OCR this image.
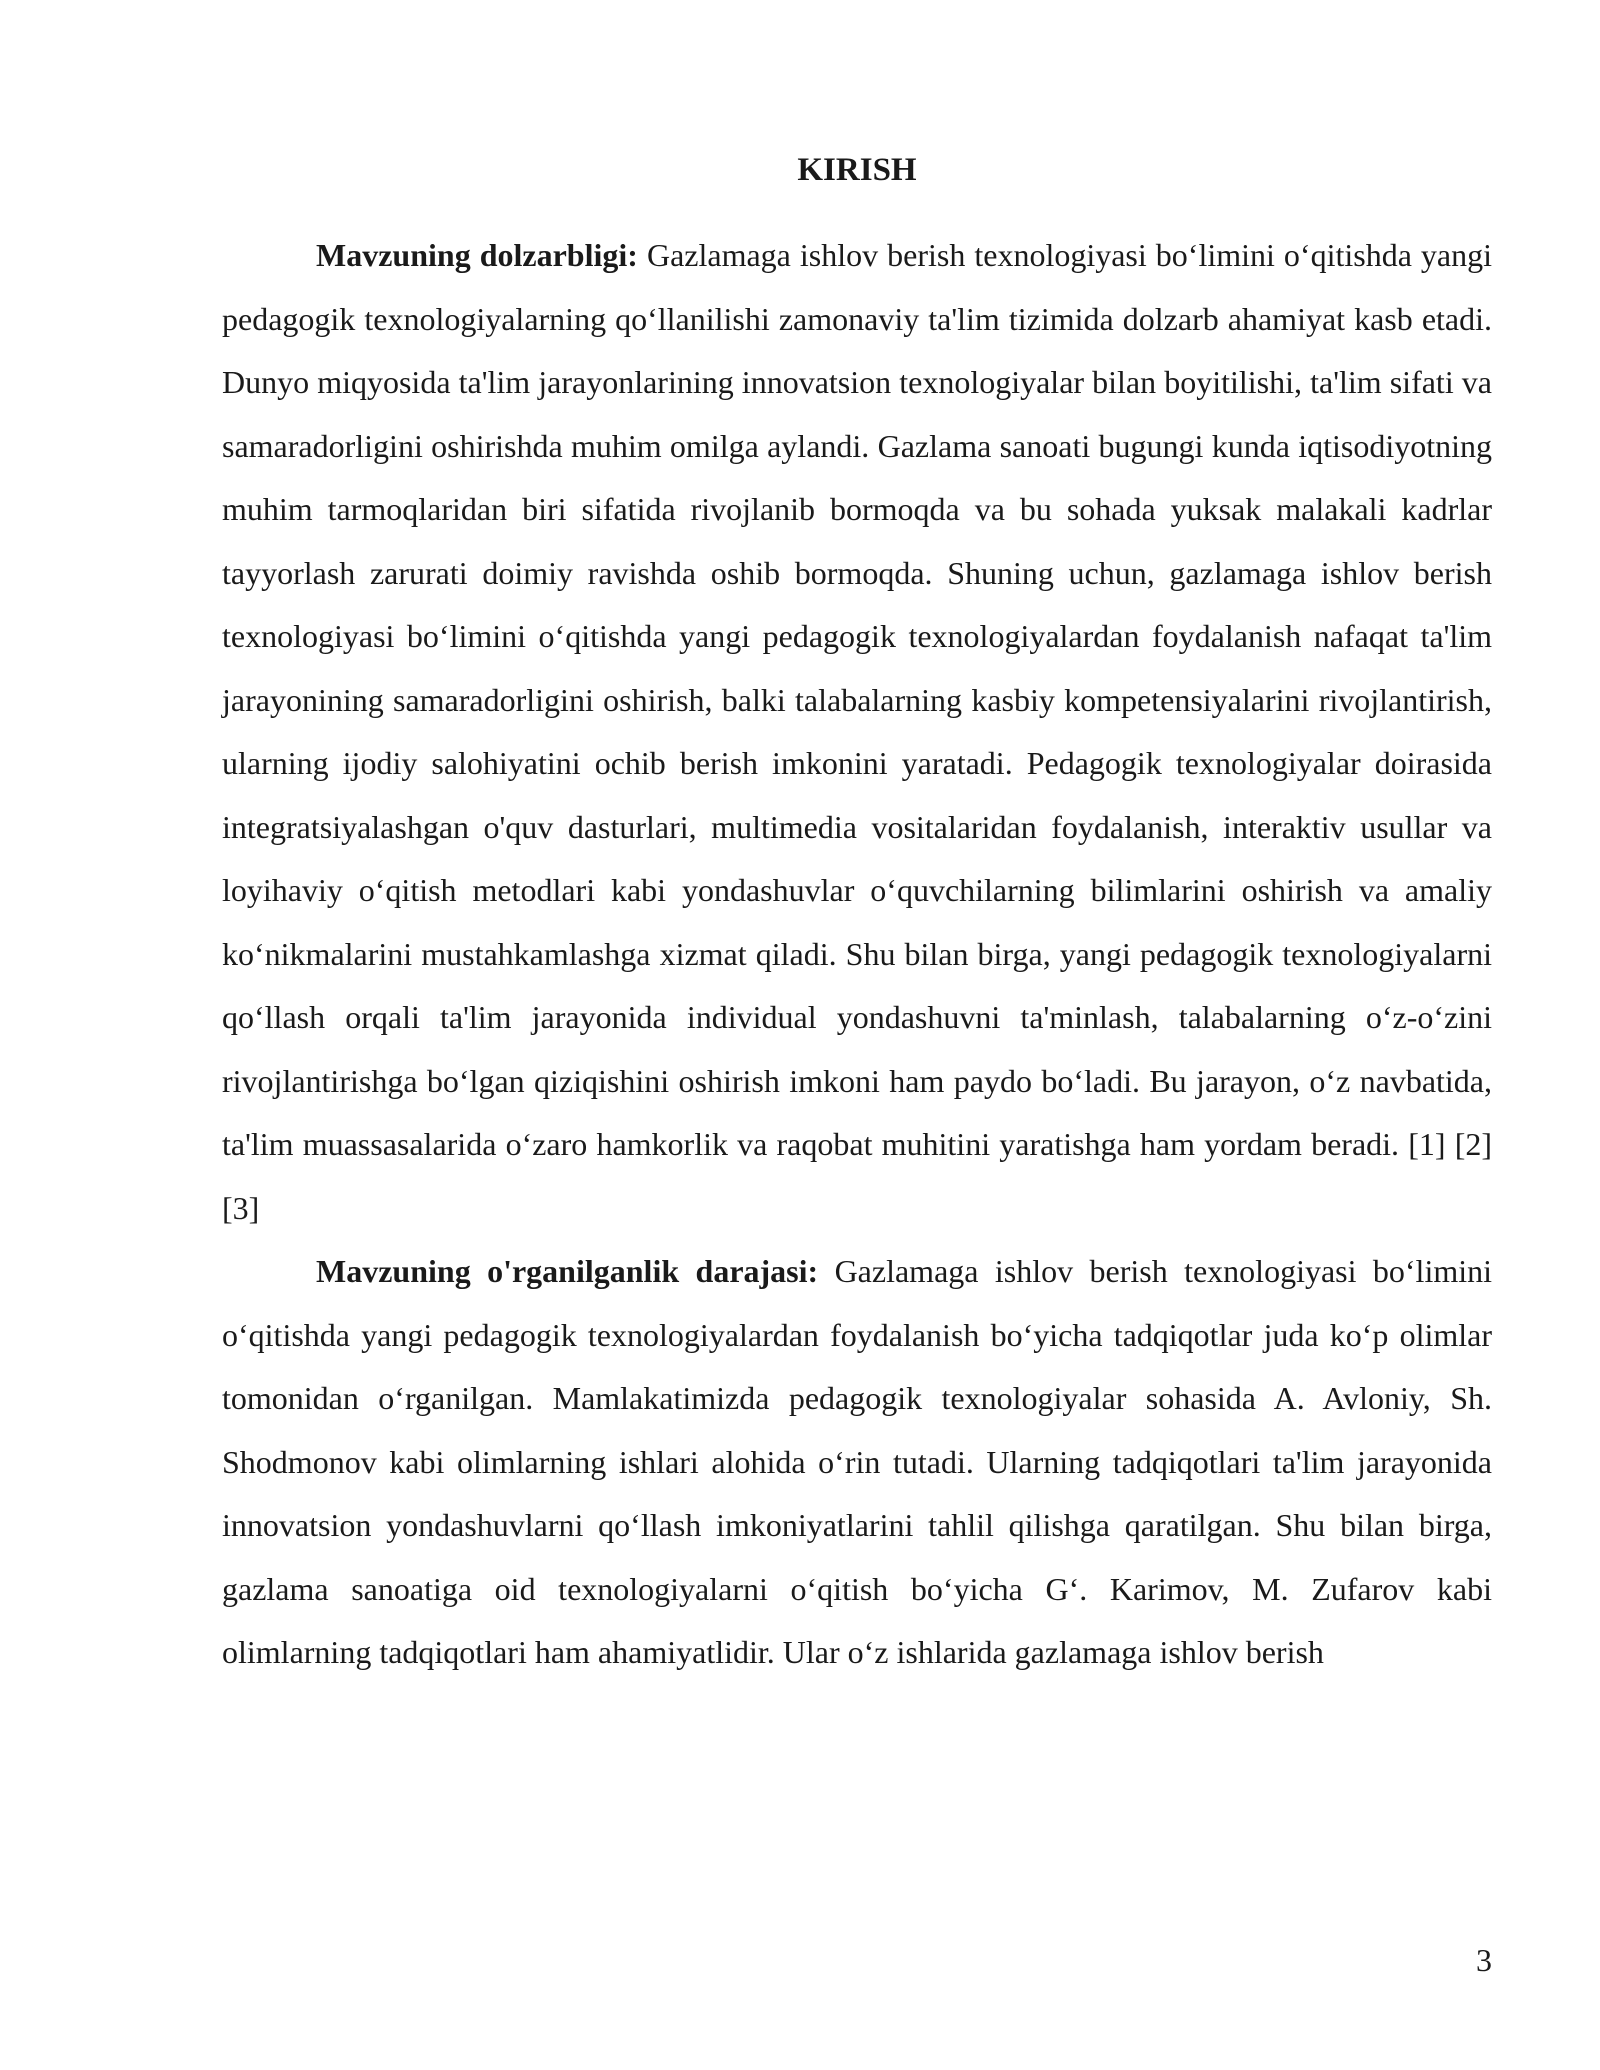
KIRISH

Mavzuning dolzarbligi: Gazlamaga ishlov berish texnologiyasi bo‘limini o‘qitishda yangi pedagogik texnologiyalarning qo‘llanilishi zamonaviy ta'lim tizimida dolzarb ahamiyat kasb etadi. Dunyo miqyosida ta'lim jarayonlarining innovatsion texnologiyalar bilan boyitilishi, ta'lim sifati va samaradorligini oshirishda muhim omilga aylandi. Gazlama sanoati bugungi kunda iqtisodiyotning muhim tarmoqlaridan biri sifatida rivojlanib bormoqda va bu sohada yuksak malakali kadrlar tayyorlash zarurati doimiy ravishda oshib bormoqda. Shuning uchun, gazlamaga ishlov berish texnologiyasi bo‘limini o‘qitishda yangi pedagogik texnologiyalardan foydalanish nafaqat ta'lim jarayonining samaradorligini oshirish, balki talabalarning kasbiy kompetensiyalarini rivojlantirish, ularning ijodiy salohiyatini ochib berish imkonini yaratadi. Pedagogik texnologiyalar doirasida integratsiyalashgan o'quv dasturlari, multimedia vositalaridan foydalanish, interaktiv usullar va loyihaviy o‘qitish metodlari kabi yondashuvlar o‘quvchilarning bilimlarini oshirish va amaliy ko‘nikmalarini mustahkamlashga xizmat qiladi. Shu bilan birga, yangi pedagogik texnologiyalarni qo‘llash orqali ta'lim jarayonida individual yondashuvni ta'minlash, talabalarning o‘z-o‘zini rivojlantirishga bo‘lgan qiziqishini oshirish imkoni ham paydo bo‘ladi. Bu jarayon, o‘z navbatida, ta'lim muassasalarida o‘zaro hamkorlik va raqobat muhitini yaratishga ham yordam beradi. [1] [2] [3]

Mavzuning o'rganilganlik darajasi: Gazlamaga ishlov berish texnologiyasi bo‘limini o‘qitishda yangi pedagogik texnologiyalardan foydalanish bo‘yicha tadqiqotlar juda ko‘p olimlar tomonidan o‘rganilgan. Mamlakatimizda pedagogik texnologiyalar sohasida A. Avloniy, Sh. Shodmonov kabi olimlarning ishlari alohida o‘rin tutadi. Ularning tadqiqotlari ta'lim jarayonida innovatsion yondashuvlarni qo‘llash imkoniyatlarini tahlil qilishga qaratilgan. Shu bilan birga, gazlama sanoatiga oid texnologiyalarni o‘qitish bo‘yicha G‘. Karimov, M. Zufarov kabi olimlarning tadqiqotlari ham ahamiyatlidir. Ular o‘z ishlarida gazlamaga ishlov berish

3
